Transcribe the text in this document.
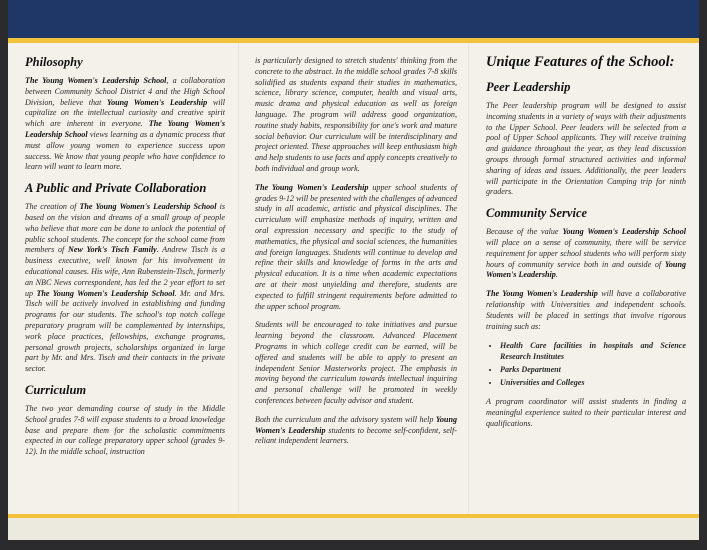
Philosophy

The Young Women's Leadership School, a collaboration between Community School District 4 and the High School Division, believe that Young Women's Leadership will capitalize on the intellectual curiosity and creative spirit which are inherent in everyone. The Young Women's Leadership School views learning as a dynamic process that must allow young women to experience success upon success. We know that young people who have confidence to learn will want to learn more.

A Public and Private Collaboration

The creation of The Young Women's Leadership School is based on the vision and dreams of a small group of people who believe that more can be done to unlock the potential of public school students. The concept for the school came from members of New York's Tisch Family. Andrew Tisch is a business executive, well known for his involvement in educational causes. His wife, Ann Rubenstein-Tisch, formerly an NBC News correspondent, has led the 2 year effort to set up The Young Women's Leadership School. Mr. and Mrs. Tisch will be actively involved in establishing and funding programs for our students. The school's top notch college preparatory program will be complemented by internships, work place practices, fellowships, exchange programs, personal growth projects, scholarships organized in large part by Mr. and Mrs. Tisch and their contacts in the private sector.

Curriculum

The two year demanding course of study in the Middle School grades 7-8 will expose students to a broad knowledge base and prepare them for the scholastic commitments expected in our college preparatory upper school (grades 9-12). In the middle school, instruction

is particularly designed to stretch students' thinking from the concrete to the abstract. In the middle school grades 7-8 skills solidified as students expand their studies in mathematics, science, library science, computer, health and visual arts, music drama and physical education as well as foreign language. The program will address good organization, routine study habits, responsibility for one's work and mature social behavior. Our curriculum will be interdisciplinary and project oriented. These approaches will keep enthusiasm high and help students to use facts and apply concepts creatively to both individual and group work.

The Young Women's Leadership upper school students of grades 9-12 will be presented with the challenges of advanced study in all academic, artistic and physical disciplines. The curriculum will emphasize methods of inquiry, written and oral expression necessary and specific to the study of mathematics, the physical and social sciences, the humanities and foreign languages. Students will continue to develop and refine their skills and knowledge of forms in the arts and physical education. It is a time when academic expectations are at their most unyielding and therefore, students are expected to fulfill stringent requirements before admitted to the upper school program.

Students will be encouraged to take initiatives and pursue learning beyond the classroom. Advanced Placement Programs in which college credit can be earned, will be offered and students will be able to apply to present an independent Senior Masterworks project. The emphasis in moving beyond the curriculum towards intellectual inquiring and personal challenge will be promoted in weekly conferences between faculty advisor and student.

Both the curriculum and the advisory system will help Young Women's Leadership students to become self-confident, self-reliant independent learners.

Unique Features of the School:
Peer Leadership

The Peer leadership program will be designed to assist incoming students in a variety of ways with their adjustments to the Upper School. Peer leaders will be selected from a pool of Upper School applicants. They will receive training and guidance throughout the year, as they lead discussion groups through formal structured activities and informal sharing of ideas and issues. Additionally, the peer leaders will participate in the Orientation Camping trip for ninth graders.

Community Service

Because of the value Young Women's Leadership School will place on a sense of community, there will be service requirement for upper school students who will perform sixty hours of community service both in and outside of Young Women's Leadership.

The Young Women's Leadership will have a collaborative relationship with Universities and independent schools. Students will be placed in settings that involve rigorous training such as:

• Health Care facilities in hospitals and Science Research Institutes
• Parks Department
• Universities and Colleges

A program coordinator will assist students in finding a meaningful experience suited to their particular interest and qualifications.
